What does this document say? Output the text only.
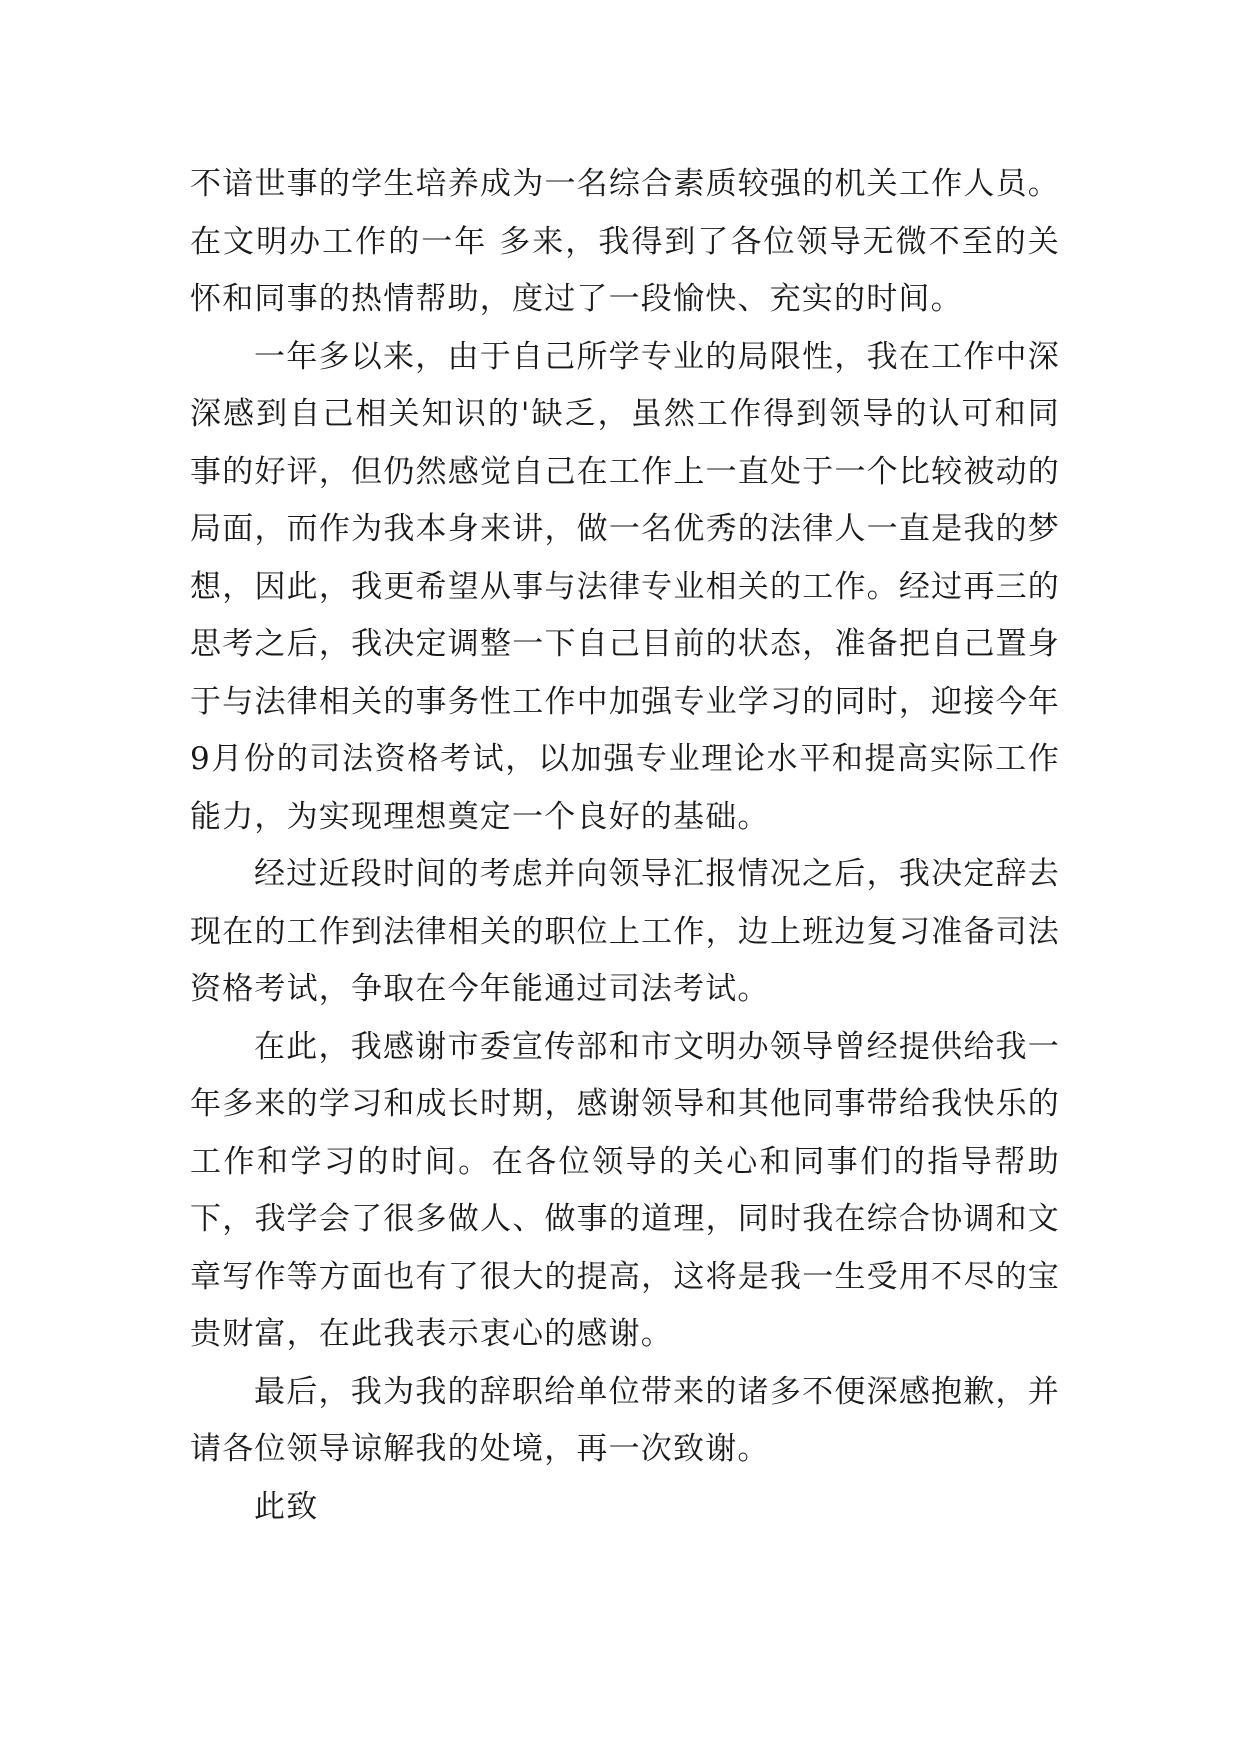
不谙世事的学生培养成为一名综合素质较强的机关工作人员。在文明办工作的一年 多来，我得到了各位领导无微不至的关怀和同事的热情帮助，度过了一段愉快、充实的时间。

一年多以来，由于自己所学专业的局限性，我在工作中深深感到自己相关知识的'缺乏，虽然工作得到领导的认可和同事的好评，但仍然感觉自己在工作上一直处于一个比较被动的局面，而作为我本身来讲，做一名优秀的法律人一直是我的梦想，因此，我更希望从事与法律专业相关的工作。经过再三的思考之后，我决定调整一下自己目前的状态，准备把自己置身于与法律相关的事务性工作中加强专业学习的同时，迎接今年9月份的司法资格考试，以加强专业理论水平和提高实际工作能力，为实现理想奠定一个良好的基础。

经过近段时间的考虑并向领导汇报情况之后，我决定辞去现在的工作到法律相关的职位上工作，边上班边复习准备司法资格考试，争取在今年能通过司法考试。

在此，我感谢市委宣传部和市文明办领导曾经提供给我一年多来的学习和成长时期，感谢领导和其他同事带给我快乐的工作和学习的时间。在各位领导的关心和同事们的指导帮助下，我学会了很多做人、做事的道理，同时我在综合协调和文章写作等方面也有了很大的提高，这将是我一生受用不尽的宝贵财富，在此我表示衷心的感谢。

最后，我为我的辞职给单位带来的诸多不便深感抱歉，并请各位领导谅解我的处境，再一次致谢。

此致
